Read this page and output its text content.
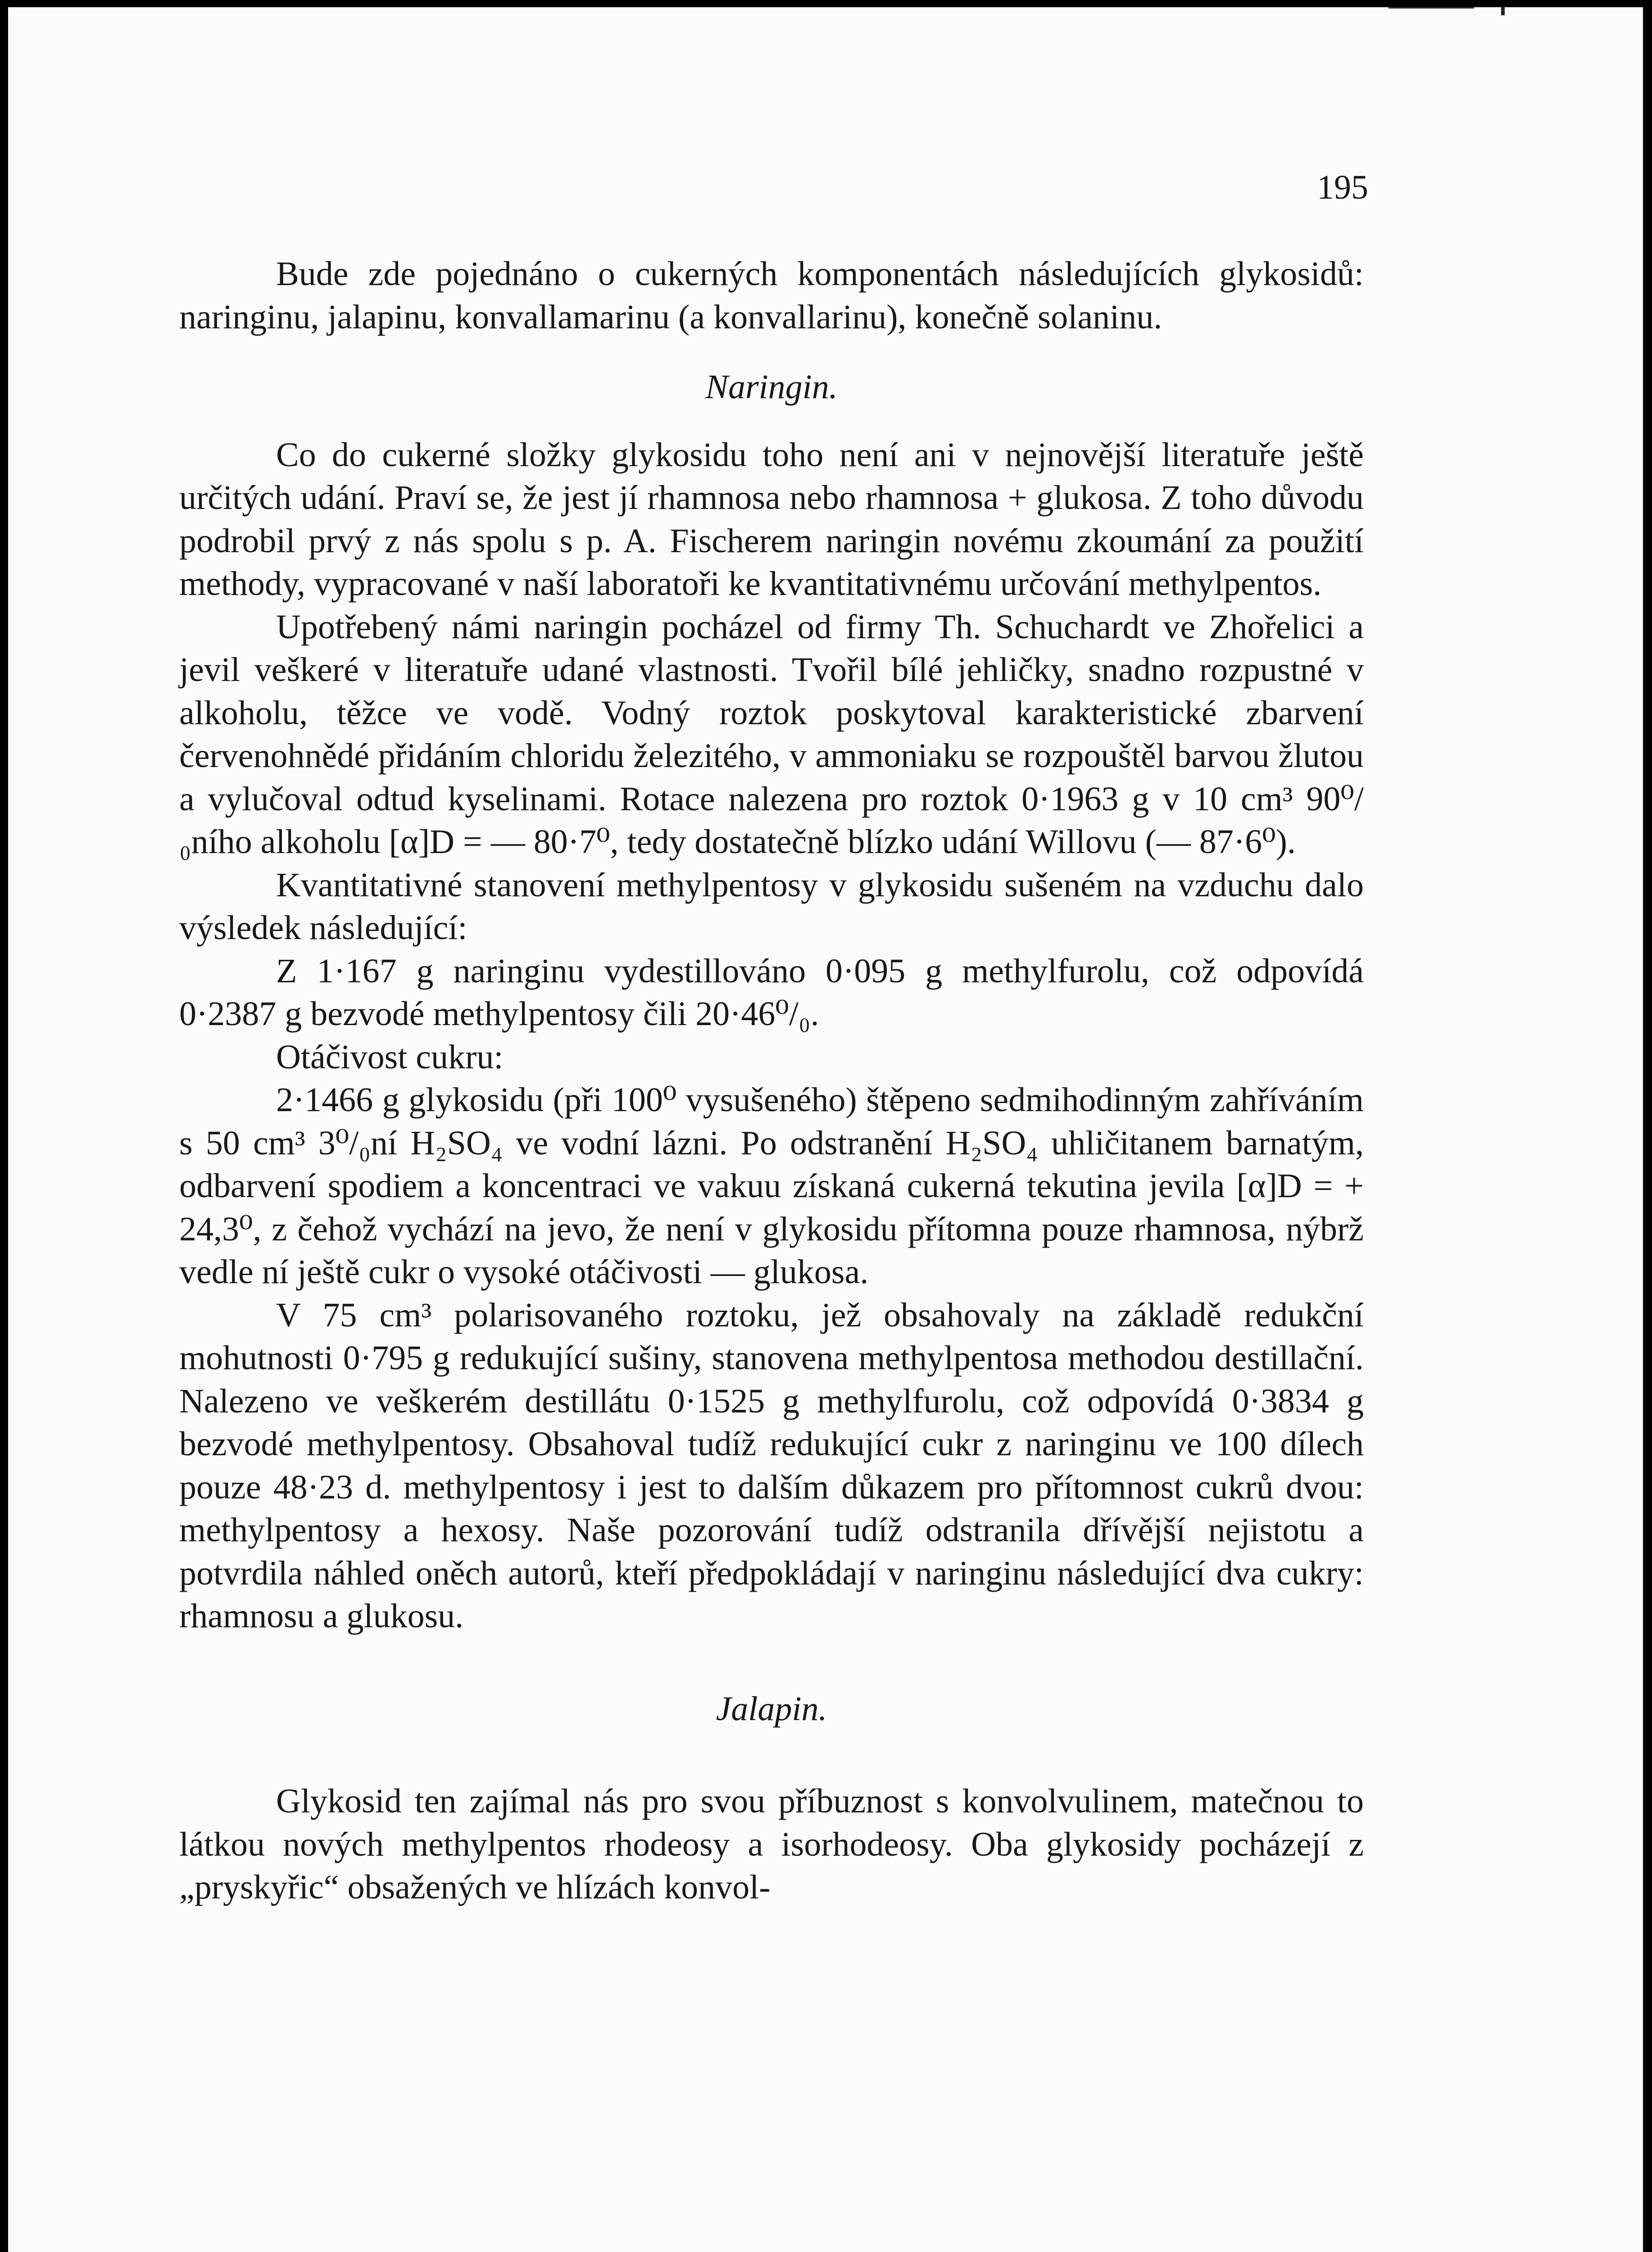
195

Bude zde pojednáno o cukerných komponentách následujících glykosidů: naringinu, jalapinu, konvallamarinu (a konvallarinu), konečně solaninu.

Naringin.

Co do cukerné složky glykosidu toho není ani v nejnovější literatuře ještě určitých udání. Praví se, že jest jí rhamnosa nebo rhamnosa + glukosa. Z toho důvodu podrobil prvý z nás spolu s p. A. Fischerem naringin novému zkoumání za použití methody, vypracované v naší laboratoři ke kvantitativnému určování methylpentos.

Upotřebený námi naringin pocházel od firmy Th. Schuchardt ve Zhořelici a jevil veškeré v literatuře udané vlastnosti. Tvořil bílé jehličky, snadno rozpustné v alkoholu, těžce ve vodě. Vodný roztok poskytoval karakteristické zbarvení červenohnědé přidáním chloridu železitého, v ammoniaku se rozpouštěl barvou žlutou a vylučoval odtud kyselinami. Rotace nalezena pro roztok 0·1963 g v 10 cm³ 90⁰/₀ního alkoholu [α]D = — 80·7⁰, tedy dostatečně blízko udání Willovu (— 87·6⁰).

Kvantitativné stanovení methylpentosy v glykosidu sušeném na vzduchu dalo výsledek následující:

Z 1·167 g naringinu vydestillováno 0·095 g methylfurolu, což odpovídá 0·2387 g bezvodé methylpentosy čili 20·46⁰/₀.

Otáčivost cukru:

2·1466 g glykosidu (při 100⁰ vysušeného) štěpeno sedmihodinným zahříváním s 50 cm³ 3⁰/₀ní H₂SO₄ ve vodní lázni. Po odstranění H₂SO₄ uhličitanem barnatým, odbarvení spodiem a koncentraci ve vakuu získaná cukerná tekutina jevila [α]D = + 24,3⁰, z čehož vychází na jevo, že není v glykosidu přítomna pouze rhamnosa, nýbrž vedle ní ještě cukr o vysoké otáčivosti — glukosa.

V 75 cm³ polarisovaného roztoku, jež obsahovaly na základě redukční mohutnosti 0·795 g redukující sušiny, stanovena methylpentosa methodou destillační. Nalezeno ve veškerém destillátu 0·1525 g methylfurolu, což odpovídá 0·3834 g bezvodé methylpentosy. Obsahoval tudíž redukující cukr z naringinu ve 100 dílech pouze 48·23 d. methylpentosy i jest to dalším důkazem pro přítomnost cukrů dvou: methylpentosy a hexosy. Naše pozorování tudíž odstranila dřívější nejistotu a potvrdila náhled oněch autorů, kteří předpokládají v naringinu následující dva cukry: rhamnosu a glukosu.

Jalapin.

Glykosid ten zajímal nás pro svou příbuznost s konvolvulinem, matečnou to látkou nových methylpentos rhodeosy a isorhodeosy. Oba glykosidy pocházejí z „pryskyřic“ obsažených ve hlízách konvol-
